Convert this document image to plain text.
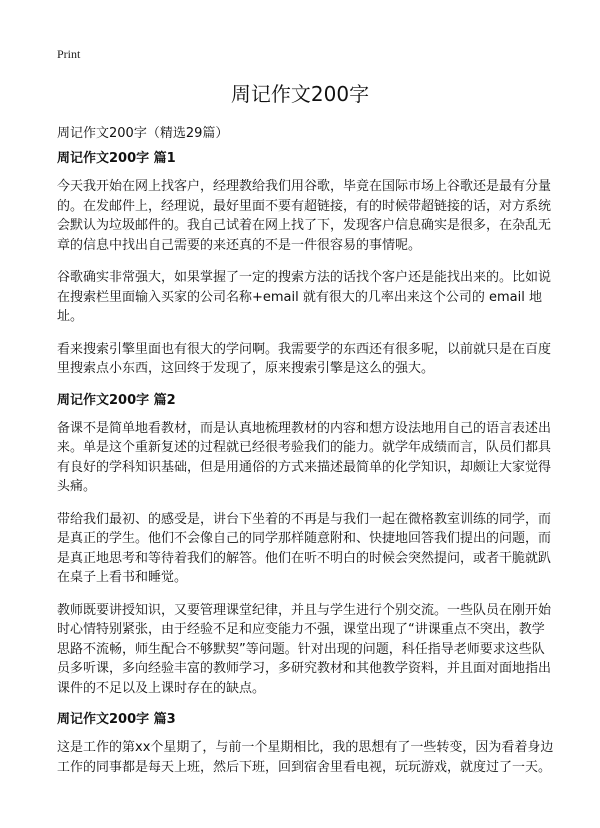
Print
周记作文200字

周记作文200字（精选29篇）

周记作文200字 篇1

今天我开始在网上找客户，经理教给我们用谷歌，毕竟在国际市场上谷歌还是最有分量的。在发邮件上，经理说，最好里面不要有超链接，有的时候带超链接的话，对方系统会默认为垃圾邮件的。我自己试着在网上找了下，发现客户信息确实是很多，在杂乱无章的信息中找出自己需要的来还真的不是一件很容易的事情呢。

谷歌确实非常强大，如果掌握了一定的搜索方法的话找个客户还是能找出来的。比如说在搜索栏里面输入买家的公司名称+email 就有很大的几率出来这个公司的 email 地址。

看来搜索引擎里面也有很大的学问啊。我需要学的东西还有很多呢，以前就只是在百度里搜索点小东西，这回终于发现了，原来搜索引擎是这么的强大。

周记作文200字 篇2

备课不是简单地看教材，而是认真地梳理教材的内容和想方设法地用自己的语言表述出来。单是这个重新复述的过程就已经很考验我们的能力。就学年成绩而言，队员们都具有良好的学科知识基础，但是用通俗的方式来描述最简单的化学知识，却颇让大家觉得头痛。

带给我们最初、的感受是，讲台下坐着的不再是与我们一起在微格教室训练的同学，而是真正的学生。他们不会像自己的同学那样随意附和、快捷地回答我们提出的问题，而是真正地思考和等待着我们的解答。他们在听不明白的时候会突然提问，或者干脆就趴在桌子上看书和睡觉。

教师既要讲授知识，又要管理课堂纪律，并且与学生进行个别交流。一些队员在刚开始时心情特别紧张，由于经验不足和应变能力不强，课堂出现了“讲课重点不突出，教学思路不流畅，师生配合不够默契”等问题。针对出现的问题，科任指导老师要求这些队员多听课，多向经验丰富的教师学习，多研究教材和其他教学资料，并且面对面地指出课件的不足以及上课时存在的缺点。

周记作文200字 篇3

这是工作的第xx个星期了，与前一个星期相比，我的思想有了一些转变，因为看着身边工作的同事都是每天上班，然后下班，回到宿舍里看电视，玩玩游戏，就度过了一天。
